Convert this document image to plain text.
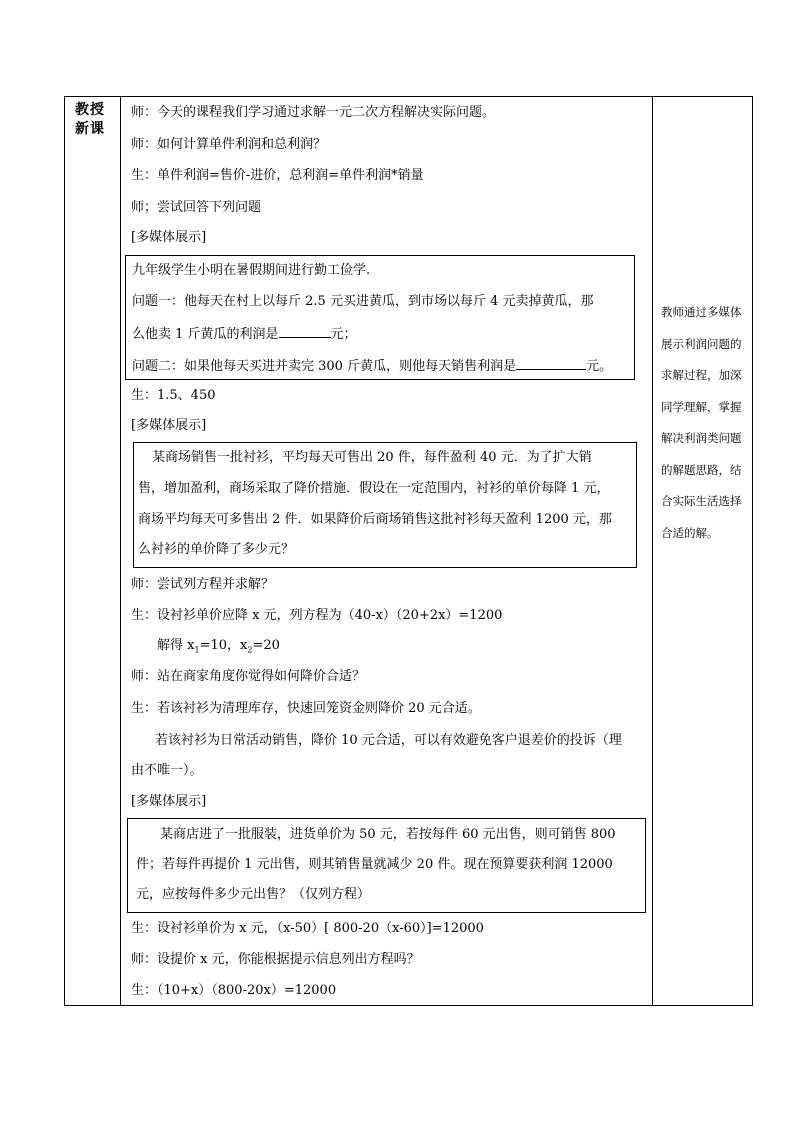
教授
新课
师：今天的课程我们学习通过求解一元二次方程解决实际问题。
师：如何计算单件利润和总利润？
生：单件利润=售价-进价，总利润=单件利润*销量
师；尝试回答下列问题
[多媒体展示]
九年级学生小明在暑假期间进行勤工俭学.
问题一：他每天在村上以每斤 2.5 元买进黄瓜，到市场以每斤 4 元卖掉黄瓜，那
么他卖 1 斤黄瓜的利润是	元；
问题二：如果他每天买进并卖完 300 斤黄瓜，则他每天销售利润是	元。
生：1.5、450
[多媒体展示]
某商场销售一批衬衫，平均每天可售出 20 件，每件盈利 40 元．为了扩大销
售，增加盈利，商场采取了降价措施．假设在一定范围内，衬衫的单价每降 1 元，
商场平均每天可多售出 2 件．如果降价后商场销售这批衬衫每天盈利 1200 元，那
么衬衫的单价降了多少元？
师：尝试列方程并求解？
生：设衬衫单价应降 x 元，列方程为（40-x）（20+2x）=1200
解得 $x_1=10$，$x_2=20$
师：站在商家角度你觉得如何降价合适？
生：若该衬衫为清理库存，快速回笼资金则降价 20 元合适。
若该衬衫为日常活动销售，降价 10 元合适，可以有效避免客户退差价的投诉（理
由不唯一）。
[多媒体展示]
某商店进了一批服装，进货单价为 50 元，若按每件 60 元出售，则可销售 800
件；若每件再提价 1 元出售，则其销售量就减少 20 件。现在预算要获利润 12000
元，应按每件多少元出售？（仅列方程）
生：设衬衫单价为 x 元，（x-50）[ 800-20（x-60）]=12000
师：设提价 x 元，你能根据提示信息列出方程吗？
生：（10+x）（800-20x）=12000
教师通过多媒体
展示利润问题的
求解过程，加深
同学理解，掌握
解决利润类问题
的解题思路，结
合实际生活选择
合适的解。
